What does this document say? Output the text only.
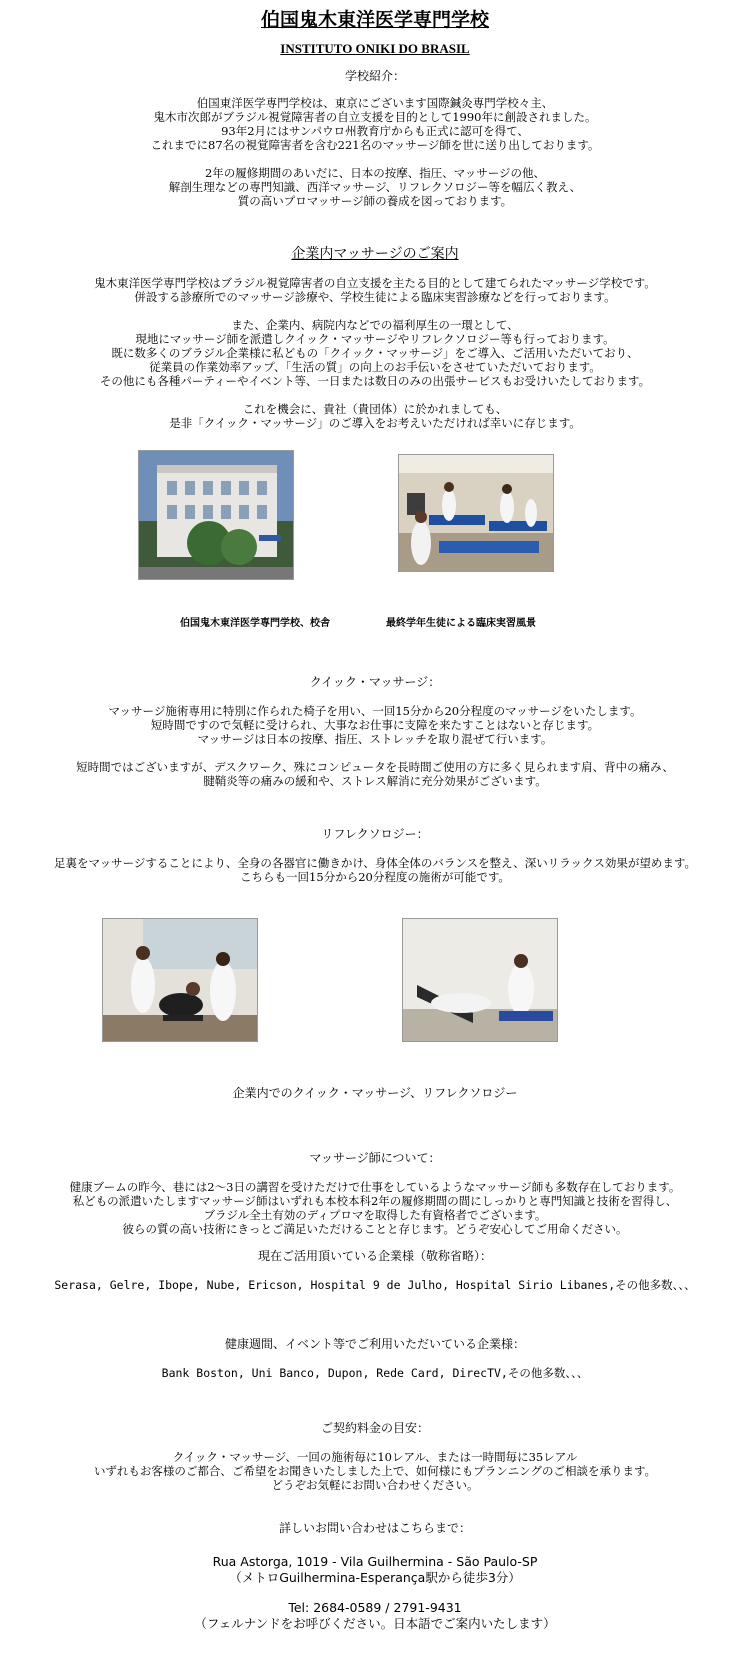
伯国鬼木東洋医学専門学校
INSTITUTO ONIKI DO BRASIL
学校紹介：
伯国東洋医学専門学校は、東京にございます国際鍼灸専門学校々主、
鬼木市次郎がブラジル視覚障害者の自立支援を目的として1990年に創設されました。
93年2月にはサンパウロ州教育庁からも正式に認可を得て、
これまでに87名の視覚障害者を含む221名のマッサージ師を世に送り出しております。
2年の履修期間のあいだに、日本の按摩、指圧、マッサージの他、
解剖生理などの専門知識、西洋マッサージ、リフレクソロジー等を幅広く教え、
質の高いプロマッサージ師の養成を図っております。
企業内マッサージのご案内
鬼木東洋医学専門学校はブラジル視覚障害者の自立支援を主たる目的として建てられたマッサージ学校です。
併設する診療所でのマッサージ診療や、学校生徒による臨床実習診療などを行っております。
また、企業内、病院内などでの福利厚生の一環として、
現地にマッサージ師を派遣しクイック・マッサージやリフレクソロジー等も行っております。
既に数多くのブラジル企業様に私どもの「クイック・マッサージ」をご導入、ご活用いただいており、
従業員の作業効率アップ、「生活の質」の向上のお手伝いをさせていただいております。
その他にも各種パーティーやイベント等、一日または数日のみの出張サービスもお受けいたしております。
これを機会に、貴社（貴団体）に於かれましても、
是非「クイック・マッサージ」のご導入をお考えいただければ幸いに存じます。
伯国鬼木東洋医学専門学校、校舎	最終学年生徒による臨床実習風景
クイック・マッサージ：
マッサージ施術専用に特別に作られた椅子を用い、一回15分から20分程度のマッサージをいたします。
短時間ですので気軽に受けられ、大事なお仕事に支障を来たすことはないと存じます。
マッサージは日本の按摩、指圧、ストレッチを取り混ぜて行います。
短時間ではございますが、デスクワーク、殊にコンピュータを長時間ご使用の方に多く見られます肩、背中の痛み、
腱鞘炎等の痛みの緩和や、ストレス解消に充分効果がございます。
リフレクソロジー：
足裏をマッサージすることにより、全身の各器官に働きかけ、身体全体のバランスを整え、深いリラックス効果が望めます。
こちらも一回15分から20分程度の施術が可能です。
企業内でのクイック・マッサージ、リフレクソロジー
マッサージ師について：
健康ブームの昨今、巷には2～3日の講習を受けただけで仕事をしているようなマッサージ師も多数存在しております。
私どもの派遣いたしますマッサージ師はいずれも本校本科2年の履修期間の間にしっかりと専門知識と技術を習得し、
ブラジル全土有効のディプロマを取得した有資格者でございます。
彼らの質の高い技術にきっとご満足いただけることと存じます。どうぞ安心してご用命ください。
現在ご活用頂いている企業様（敬称省略）：
Serasa, Gelre, Ibope, Nube, Ericson, Hospital 9 de Julho, Hospital Sirio Libanes,その他多数、、、
健康週間、イベント等でご利用いただいている企業様：
Bank Boston, Uni Banco, Dupon, Rede Card, DirecTV,その他多数、、、
ご契約料金の目安：
クイック・マッサージ、一回の施術毎に10レアル、または一時間毎に35レアル
いずれもお客様のご都合、ご希望をお聞きいたしました上で、如何様にもプランニングのご相談を承ります。
どうぞお気軽にお問い合わせください。
詳しいお問い合わせはこちらまで：
Rua Astorga, 1019 - Vila Guilhermina - São Paulo-SP
（メトロGuilhermina-Esperança駅から徒歩3分）
Tel: 2684-0589 / 2791-9431
（フェルナンドをお呼びください。日本語でご案内いたします）
